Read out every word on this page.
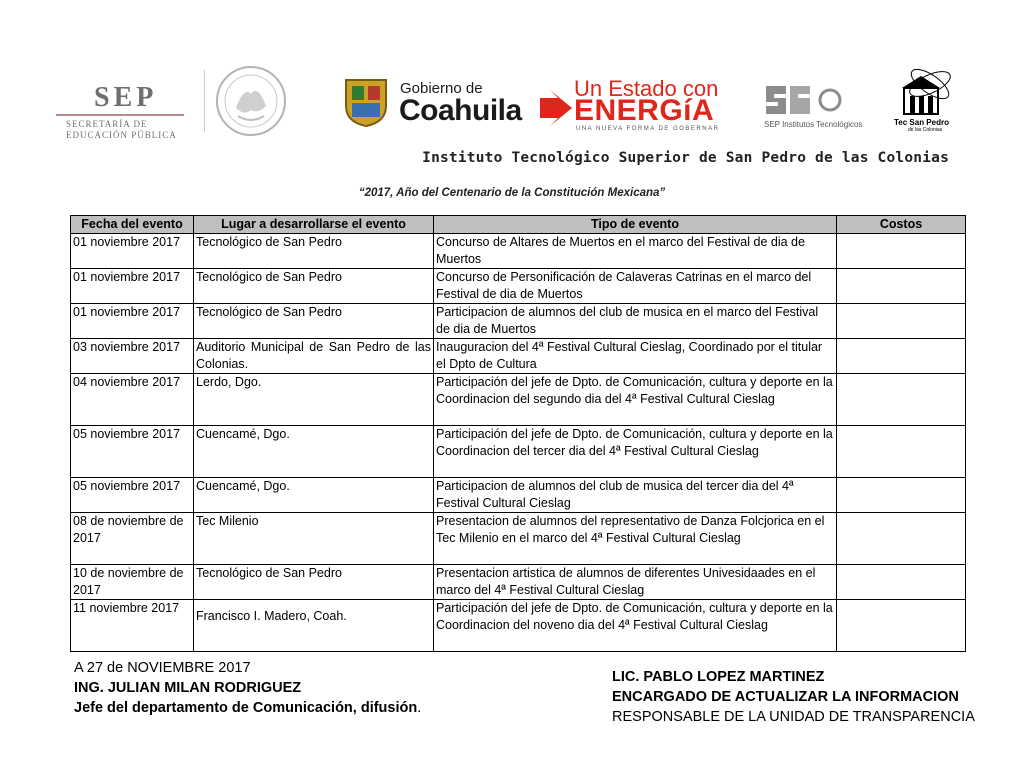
SEP
SECRETARÍA DE
EDUCACIÓN PÚBLICA
Gobierno de
Coahuila
Un Estado con
ENERGíA
UNA NUEVA FORMA DE GOBERNAR	SEP Institutos Tecnológicos	Tec San Pedro
de las Colonias
Instituto Tecnológico Superior de San Pedro de las Colonias
“2017, Año del Centenario de la Constitución Mexicana”
Fecha del evento	Lugar a desarrollarse el evento	Tipo de evento	Costos
01 noviembre 2017	Tecnológico de San Pedro	Concurso de Altares de Muertos en el marco del Festival de dia de Muertos	
01 noviembre 2017	Tecnológico de San Pedro	Concurso de Personificación de Calaveras Catrinas en el marco del Festival de dia de Muertos	
01 noviembre 2017	Tecnológico de San Pedro	Participacion de alumnos del club de musica en el marco del Festival de dia de Muertos	
03 noviembre 2017	Auditorio Municipal de San Pedro de las Colonias.	Inauguracion del 4ª Festival Cultural Cieslag, Coordinado por el titular el Dpto de Cultura	
04 noviembre 2017	Lerdo, Dgo.	Participación del jefe de Dpto. de Comunicación, cultura y deporte en la Coordinacion del segundo dia del 4ª Festival Cultural Cieslag	
05 noviembre 2017	Cuencamé, Dgo.	Participación del jefe de Dpto. de Comunicación, cultura y deporte en la Coordinacion del tercer dia del 4ª Festival Cultural Cieslag	
05 noviembre 2017	Cuencamé, Dgo.	Participacion de alumnos del club de musica del tercer dia del 4ª Festival Cultural Cieslag	
08 de noviembre de 2017	Tec Milenio	Presentacion de alumnos del representativo de Danza Folcjorica en el Tec Milenio en el marco del 4ª Festival Cultural Cieslag	
10 de noviembre de 2017	Tecnológico de San Pedro	Presentacion artistica de alumnos de diferentes Univesidaades en el marco del 4ª Festival Cultural Cieslag	
11 noviembre 2017	Francisco I. Madero, Coah.	Participación del jefe de Dpto. de Comunicación, cultura y deporte en la Coordinacion del noveno dia del 4ª Festival Cultural Cieslag	
A 27 de NOVIEMBRE 2017
ING. JULIAN MILAN RODRIGUEZ
Jefe del departamento de Comunicación, difusión.
LIC. PABLO LOPEZ MARTINEZ
ENCARGADO DE ACTUALIZAR LA INFORMACION
RESPONSABLE DE LA UNIDAD DE TRANSPARENCIA
